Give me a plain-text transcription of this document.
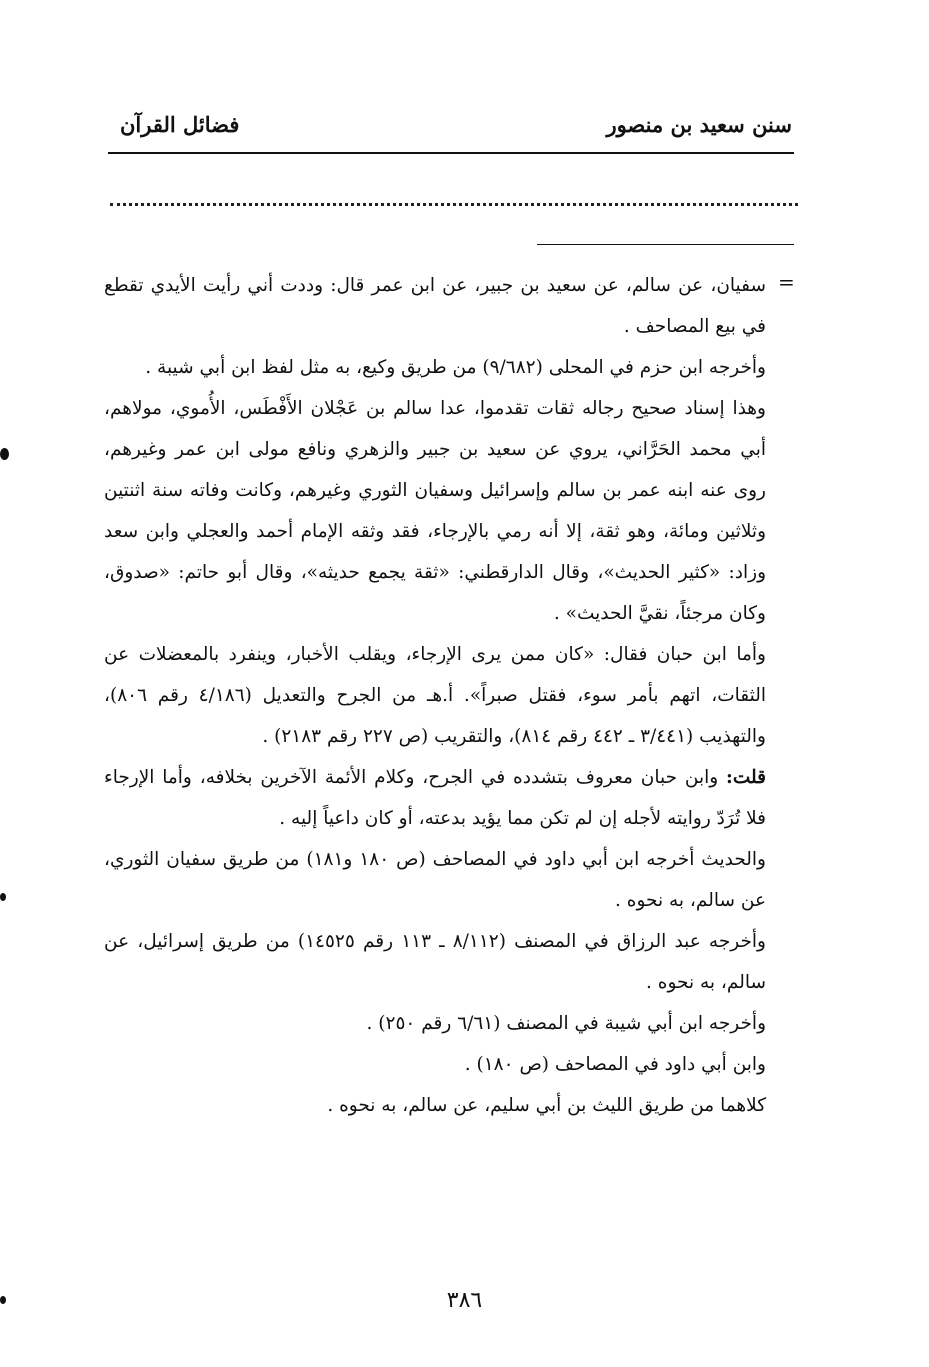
سنن سعيد بن منصور
فضائل القرآن
=

سفيان، عن سالم، عن سعيد بن جبير، عن ابن عمر قال: وددت أني رأيت الأيدي تقطع في بيع المصاحف .

وأخرجه ابن حزم في المحلى (٩/٦٨٢) من طريق وكيع، به مثل لفظ ابن أبي شيبة .

وهذا إسناد صحيح رجاله ثقات تقدموا، عدا سالم بن عَجْلان الأَفْطَس، الأُموي، مولاهم، أبي محمد الحَرَّاني، يروي عن سعيد بن جبير والزهري ونافع مولى ابن عمر وغيرهم، روى عنه ابنه عمر بن سالم وإسرائيل وسفيان الثوري وغيرهم، وكانت وفاته سنة اثنتين وثلاثين ومائة، وهو ثقة، إلا أنه رمي بالإرجاء، فقد وثقه الإمام أحمد والعجلي وابن سعد وزاد: «كثير الحديث»، وقال الدارقطني: «ثقة يجمع حديثه»، وقال أبو حاتم: «صدوق، وكان مرجئاً، نقيَّ الحديث» .

وأما ابن حبان فقال: «كان ممن يرى الإرجاء، ويقلب الأخبار، وينفرد بالمعضلات عن الثقات، اتهم بأمر سوء، فقتل صبراً». أ.هـ من الجرح والتعديل (٤/١٨٦ رقم ٨٠٦)، والتهذيب (٣/٤٤١ ـ ٤٤٢ رقم ٨١٤)، والتقريب (ص ٢٢٧ رقم ٢١٨٣) .

قلت: وابن حبان معروف بتشدده في الجرح، وكلام الأئمة الآخرين بخلافه، وأما الإرجاء فلا تُرَدّ روايته لأجله إن لم تكن مما يؤيد بدعته، أو كان داعياً إليه .

والحديث أخرجه ابن أبي داود في المصاحف (ص ١٨٠ و١٨١) من طريق سفيان الثوري، عن سالم، به نحوه .

وأخرجه عبد الرزاق في المصنف (٨/١١٢ ـ ١١٣ رقم ١٤٥٢٥) من طريق إسرائيل، عن سالم، به نحوه .

وأخرجه ابن أبي شيبة في المصنف (٦/٦١ رقم ٢٥٠) .

وابن أبي داود في المصاحف (ص ١٨٠) .

كلاهما من طريق الليث بن أبي سليم، عن سالم، به نحوه .

٣٨٦
